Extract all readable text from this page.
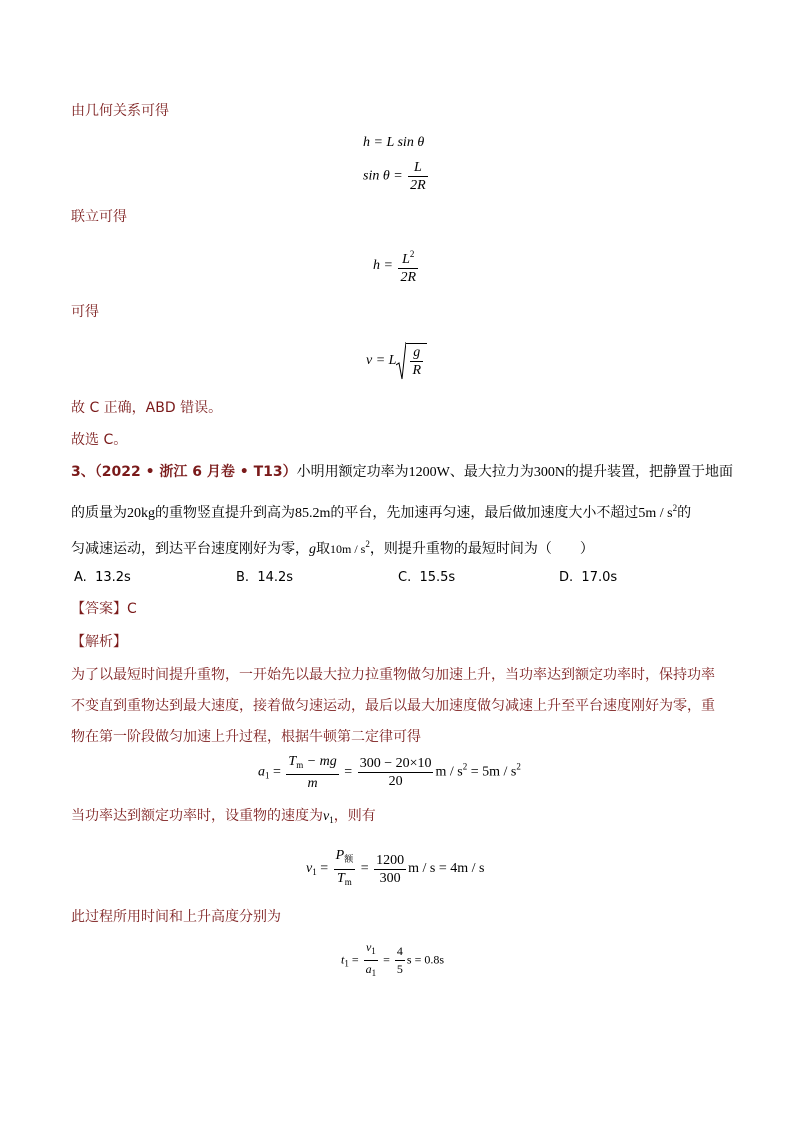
由几何关系可得
h = L sin θ
$\sin \theta = \frac{L}{2R}$
联立可得
$h = \frac{L^2}{2R}$
可得
v = L $\frac{g}{R}$
故 C 正确，ABD 错误。
故选 C。
3、（2022 • 浙江 6 月卷 • T13）小明用额定功率为1200W、最大拉力为300N的提升装置，把静置于地面
的质量为20kg的重物竖直提升到高为85.2m的平台，先加速再匀速，最后做加速度大小不超过$5m / s^2$的
匀减速运动，到达平台速度刚好为零，g取$10m / s^2$，则提升重物的最短时间为（　　）
A. 13.2s	B. 14.2s	C. 15.5s	D. 17.0s
【答案】C
【解析】
为了以最短时间提升重物，一开始先以最大拉力拉重物做匀加速上升，当功率达到额定功率时，保持功率
不变直到重物达到最大速度，接着做匀速运动，最后以最大加速度做匀减速上升至平台速度刚好为零，重
物在第一阶段做匀加速上升过程，根据牛顿第二定律可得
$a_1 = \frac{T_m - mg}{m} = \frac{300 - 20\times 10}{20}$ $m / s^2 = 5m / s^2$
当功率达到额定功率时，设重物的速度为$v_1$，则有
$v_1 = \frac{P_额}{T_m} = \frac{1200}{300}$ m / s = 4m / s
此过程所用时间和上升高度分别为
$t_1 = \frac{v_1}{a_1} = \frac{4}{5}$ s = 0.8s
